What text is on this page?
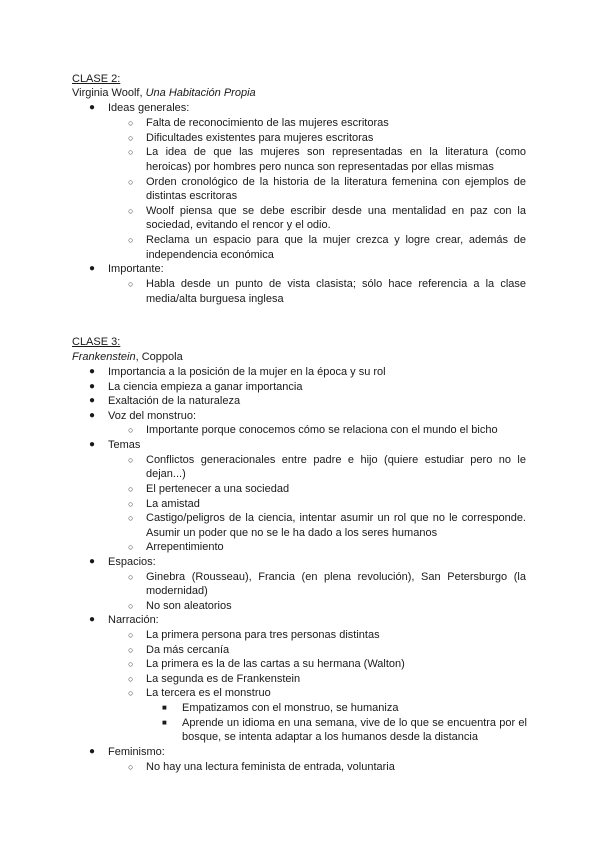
CLASE 2:
Virginia Woolf, Una Habitación Propia
● Ideas generales:
○ Falta de reconocimiento de las mujeres escritoras
○ Dificultades existentes para mujeres escritoras
○ La idea de que las mujeres son representadas en la literatura (como
heroicas) por hombres pero nunca son representadas por ellas mismas
○ Orden cronológico de la historia de la literatura femenina con ejemplos de
distintas escritoras
○ Woolf piensa que se debe escribir desde una mentalidad en paz con la
sociedad, evitando el rencor y el odio.
○ Reclama un espacio para que la mujer crezca y logre crear, además de
independencia económica
● Importante:
○ Habla desde un punto de vista clasista; sólo hace referencia a la clase
media/alta burguesa inglesa
CLASE 3:
Frankenstein, Coppola
● Importancia a la posición de la mujer en la época y su rol
● La ciencia empieza a ganar importancia
● Exaltación de la naturaleza
● Voz del monstruo:
○ Importante porque conocemos cómo se relaciona con el mundo el bicho
● Temas
○ Conflictos generacionales entre padre e hijo (quiere estudiar pero no le
dejan...)
○ El pertenecer a una sociedad
○ La amistad
○ Castigo/peligros de la ciencia, intentar asumir un rol que no le corresponde.
Asumir un poder que no se le ha dado a los seres humanos
○ Arrepentimiento
● Espacios:
○ Ginebra (Rousseau), Francia (en plena revolución), San Petersburgo (la
modernidad)
○ No son aleatorios
● Narración:
○ La primera persona para tres personas distintas
○ Da más cercanía
○ La primera es la de las cartas a su hermana (Walton)
○ La segunda es de Frankenstein
○ La tercera es el monstruo
■ Empatizamos con el monstruo, se humaniza
■ Aprende un idioma en una semana, vive de lo que se encuentra por el
bosque, se intenta adaptar a los humanos desde la distancia
● Feminismo:
○ No hay una lectura feminista de entrada, voluntaria
